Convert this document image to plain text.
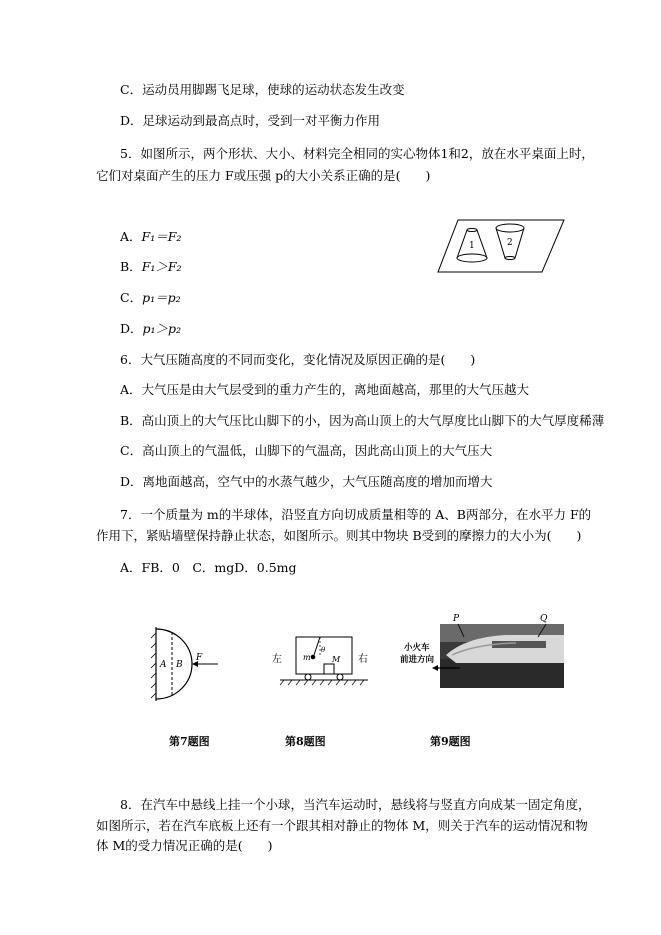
C．运动员用脚踢飞足球，使球的运动状态发生改变
D．足球运动到最高点时，受到一对平衡力作用
5．如图所示，两个形状、大小、材料完全相同的实心物体1和2，放在水平桌面上时，
它们对桌面产生的压力 F或压强 p的大小关系正确的是(　　)
A．F₁＝F₂
B．F₁＞F₂
C．p₁＝p₂
D．p₁＞p₂
1	2
6．大气压随高度的不同而变化，变化情况及原因正确的是(　　)
A．大气压是由大气层受到的重力产生的，离地面越高，那里的大气压越大
B．高山顶上的大气压比山脚下的小，因为高山顶上的大气厚度比山脚下的大气厚度稀薄
C．高山顶上的气温低，山脚下的气温高，因此高山顶上的大气压大
D．离地面越高，空气中的水蒸气越少，大气压随高度的增加而增大
7．一个质量为 m的半球体，沿竖直方向切成质量相等的 A、B两部分，在水平力 F的
作用下，紧贴墙壁保持静止状态，如图所示。则其中物块 B受到的摩擦力的大小为(　　)
A．FB．0　C．mgD．0.5mg
A B
F	左	右
m
θ
M
P	Q
小火车
前进方向
第7题图	第8题图	第9题图
8．在汽车中悬线上挂一个小球，当汽车运动时，悬线将与竖直方向成某一固定角度，
如图所示，若在汽车底板上还有一个跟其相对静止的物体 M，则关于汽车的运动情况和物
体 M的受力情况正确的是(　　)
